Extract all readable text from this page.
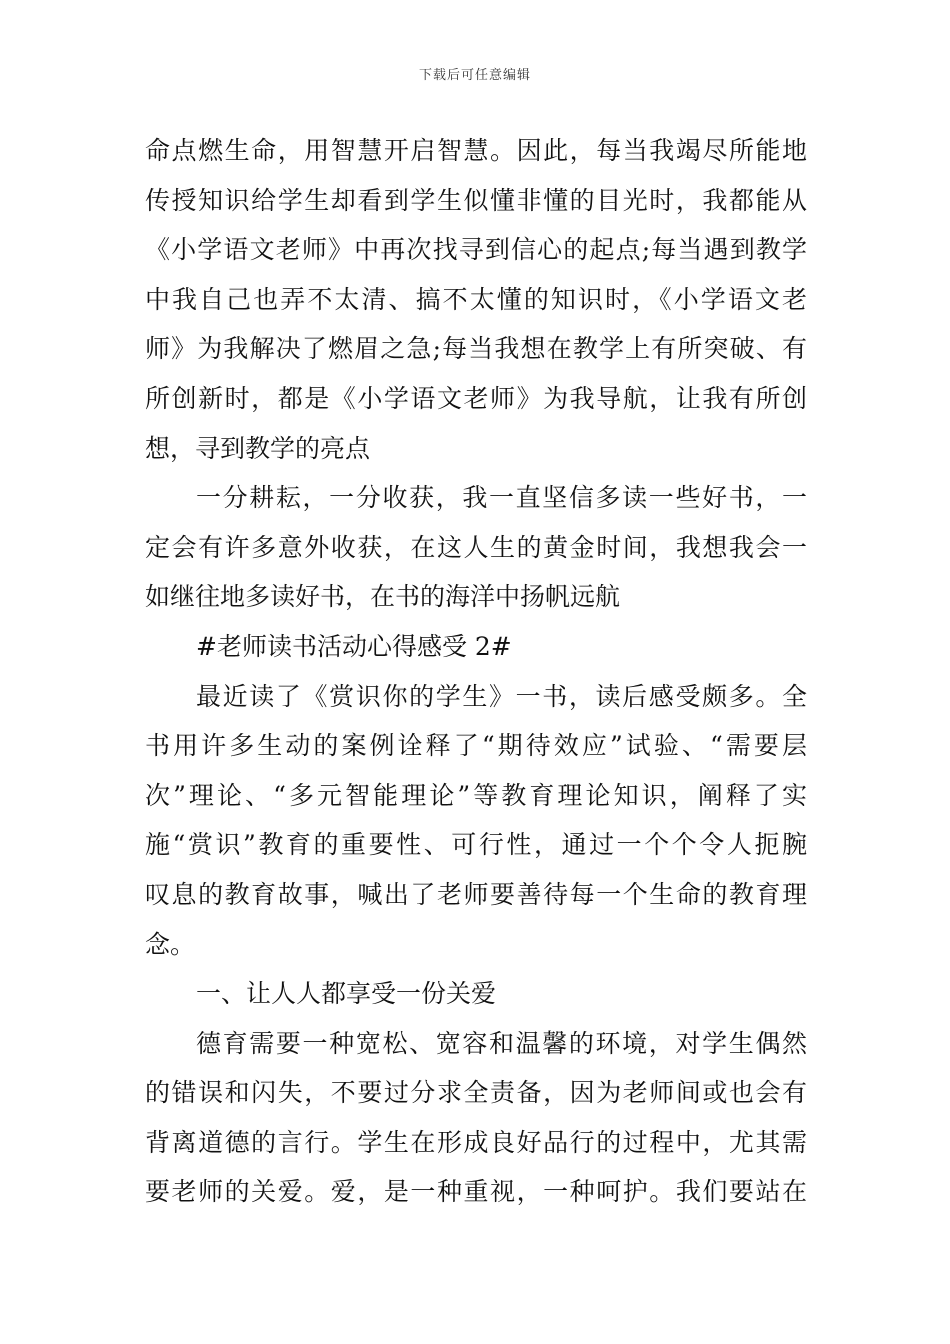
下载后可任意编辑
命点燃生命，用智慧开启智慧。因此，每当我竭尽所能地
传授知识给学生却看到学生似懂非懂的目光时，我都能从
《小学语文老师》中再次找寻到信心的起点;每当遇到教学
中我自己也弄不太清、搞不太懂的知识时，《小学语文老
师》为我解决了燃眉之急;每当我想在教学上有所突破、有
所创新时，都是《小学语文老师》为我导航，让我有所创
想，寻到教学的亮点
一分耕耘，一分收获，我一直坚信多读一些好书，一
定会有许多意外收获，在这人生的黄金时间，我想我会一
如继往地多读好书，在书的海洋中扬帆远航
#老师读书活动心得感受 2#
最近读了《赏识你的学生》一书，读后感受颇多。全
书用许多生动的案例诠释了“期待效应”试验、“需要层
次”理论、“多元智能理论”等教育理论知识，阐释了实
施“赏识”教育的重要性、可行性，通过一个个令人扼腕
叹息的教育故事，喊出了老师要善待每一个生命的教育理
念。
一、让人人都享受一份关爱
德育需要一种宽松、宽容和温馨的环境，对学生偶然
的错误和闪失，不要过分求全责备，因为老师间或也会有
背离道德的言行。学生在形成良好品行的过程中，尤其需
要老师的关爱。爱，是一种重视，一种呵护。我们要站在
